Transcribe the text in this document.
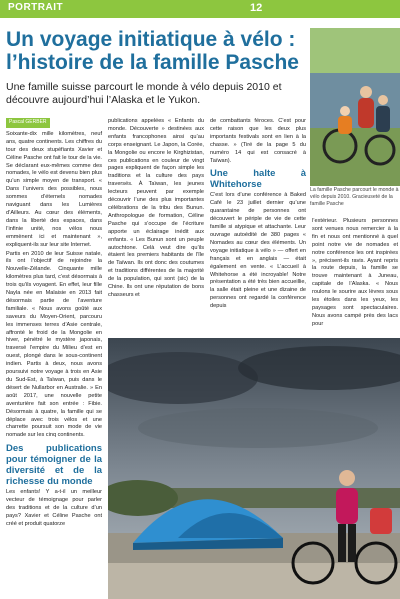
PORTRAIT	12
Un voyage initiatique à vélo :
l’histoire de la famille Pasche

Une famille suisse parcourt le monde à vélo depuis 2010 et découvre aujourd’hui l’Alaska et le Yukon.

La famille Pasche parcourt le monde à vélo depuis 2010. Gracieuseté de la famille Pasche
Pascal GERBER

Soixante-dix mille kilomètres, neuf ans, quatre continents. Les chiffres du tour des deux stupéfiants Xavier et Céline Pasche ont fait le tour de la vie. Se déclarant eux-mêmes comme des nomades, le vélo est devenu bien plus qu’un simple moyen de transport. « Dans l’univers des possibles, nous sommes d’éternels nomades naviguant dans les Lumières d’Ailleurs. Au cœur des éléments, dans la liberté des espaces, dans l’infinie unité, nos vélos nous emmènent ici et maintenant », expliquent-ils sur leur site Internet.

Partis en 2010 de leur Suisse natale, ils ont l’objectif de rejoindre la Nouvelle-Zélande. Cinquante mille kilomètres plus tard, c’est désormais à trois qu’ils voyagent. En effet, leur fille Nayla née en Malaisie en 2013 fait désormais partie de l’aventure familiale. « Nous avons goûté aux saveurs du Moyen-Orient, parcouru les immenses terres d’Asie centrale, affronté le froid de la Mongolie en hiver, pénétré le mystère japonais, traversé l’empire du Milieu d’est en ouest, plongé dans le sous-continent indien. Partis à deux, nous avons poursuivi notre voyage à trois en Asie du Sud-Est, à Taïwan, puis dans le désert de Nullarbor en Australie. » En août 2017, une nouvelle petite aventurière fait son entrée : Fibie. Désormais à quatre, la famille qui se déplace avec trois vélos et une charrette poursuit son mode de vie nomade sur les cinq continents.

Des publications pour témoigner de la diversité et de la richesse du monde

Les enfants! Y a-t-il un meilleur vecteur de témoignage pour parler des traditions et de la culture d’un pays? Xavier et Céline Pasche ont créé et produit quatorze

publications appelées « Enfants du monde. Découverte » destinées aux enfants francophones ainsi qu’au corps enseignant. Le Japon, la Corée, la Mongolie ou encore le Kirghizistan, ces publications en couleur de vingt pages expliquent de façon simple les traditions et la culture des pays traversés. À Taïwan, les jeunes lecteurs peuvent par exemple découvrir l’une des plus importantes célébrations de la tribu des Bunun. Anthropologue de formation, Céline Pasche qui s’occupe de l’écriture apporte un éclairage inédit aux enfants. « Les Bunun sont un peuple autochtone. Celà veut dire qu’ils étaient les premiers habitants de l’île de Taïwan. Ils ont donc des coutumes et traditions différentes de la majorité de la population, qui sont (sic) de la Chine. Ils ont une réputation de bons chasseurs et

de combattants féroces. C’est pour cette raison que les deux plus importants festivals sont en lien à la chasse. » (Tiré de la page 5 du numéro 14 qui est consacré à Taïwan).

Une halte à Whitehorse

C’est lors d’une conférence à Baked Café le 23 juillet dernier qu’une quarantaine de personnes ont découvert le périple de vie de cette famille si atypique et attachante. Leur ouvrage autoédité de 380 pages « Nomades au cœur des éléments. Un voyage initiatique à vélo » — offert en français et en anglais — était également en vente. « L’accueil à Whitehorse a été incroyable! Notre présentation a été très bien accueillie, la salle était pleine et une dizaine de personnes ont regardé la conférence depuis

l’extérieur. Plusieurs personnes sont venues nous remercier à la fin et nous ont mentionné à quel point notre vie de nomades et notre conférence les ont inspirées », précisent-ils ravis. Ayant repris la route depuis, la famille se trouve maintenant à Juneau, capitale de l’Alaska. « Nous roulons le sourire aux lèvres sous les étoiles dans les yeux, les paysages sont spectaculaires. Nous avons campé près des lacs pour
